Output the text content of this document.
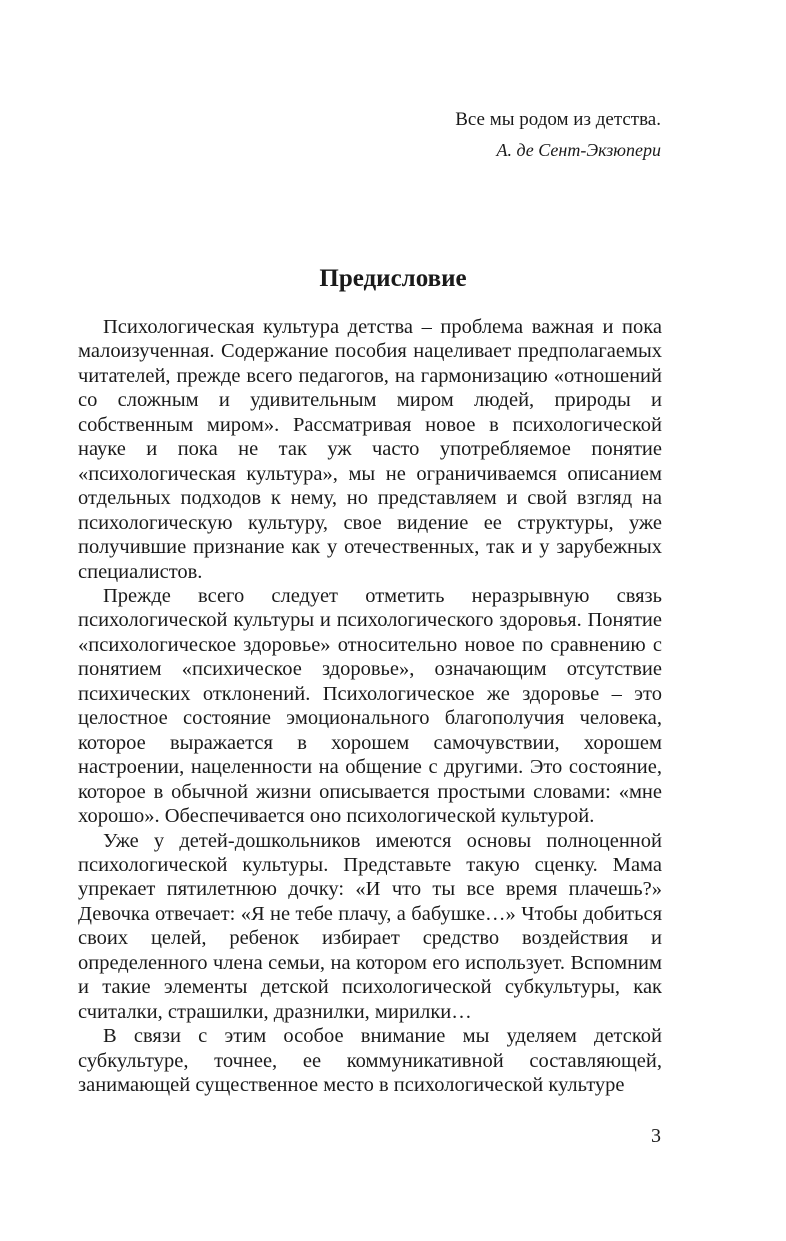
Все мы родом из детства.

А. де Сент-Экзюпери

Предисловие

Психологическая культура детства – проблема важная и пока малоизученная. Содержание пособия нацеливает предполагаемых читателей, прежде всего педагогов, на гармонизацию «отношений со сложным и удивительным миром людей, природы и собственным миром». Рассматривая новое в психологической науке и пока не так уж часто употребляемое понятие «психологическая культура», мы не ограничиваемся описанием отдельных подходов к нему, но представляем и свой взгляд на психологическую культуру, свое видение ее структуры, уже получившие признание как у отечественных, так и у зарубежных специалистов.

Прежде всего следует отметить неразрывную связь психологической культуры и психологического здоровья. Понятие «психологическое здоровье» относительно новое по сравнению с понятием «психическое здоровье», означающим отсутствие психических отклонений. Психологическое же здоровье – это целостное состояние эмоционального благополучия человека, которое выражается в хорошем самочувствии, хорошем настроении, нацеленности на общение с другими. Это состояние, которое в обычной жизни описывается простыми словами: «мне хорошо». Обеспечивается оно психологической культурой.

Уже у детей-дошкольников имеются основы полноценной психологической культуры. Представьте такую сценку. Мама упрекает пятилетнюю дочку: «И что ты все время плачешь?» Девочка отвечает: «Я не тебе плачу, а бабушке…» Чтобы добиться своих целей, ребенок избирает средство воздействия и определенного члена семьи, на котором его использует. Вспомним и такие элементы детской психологической субкультуры, как считалки, страшилки, дразнилки, мирилки…

В связи с этим особое внимание мы уделяем детской субкультуре, точнее, ее коммуникативной составляющей, занимающей существенное место в психологической культуре

3
